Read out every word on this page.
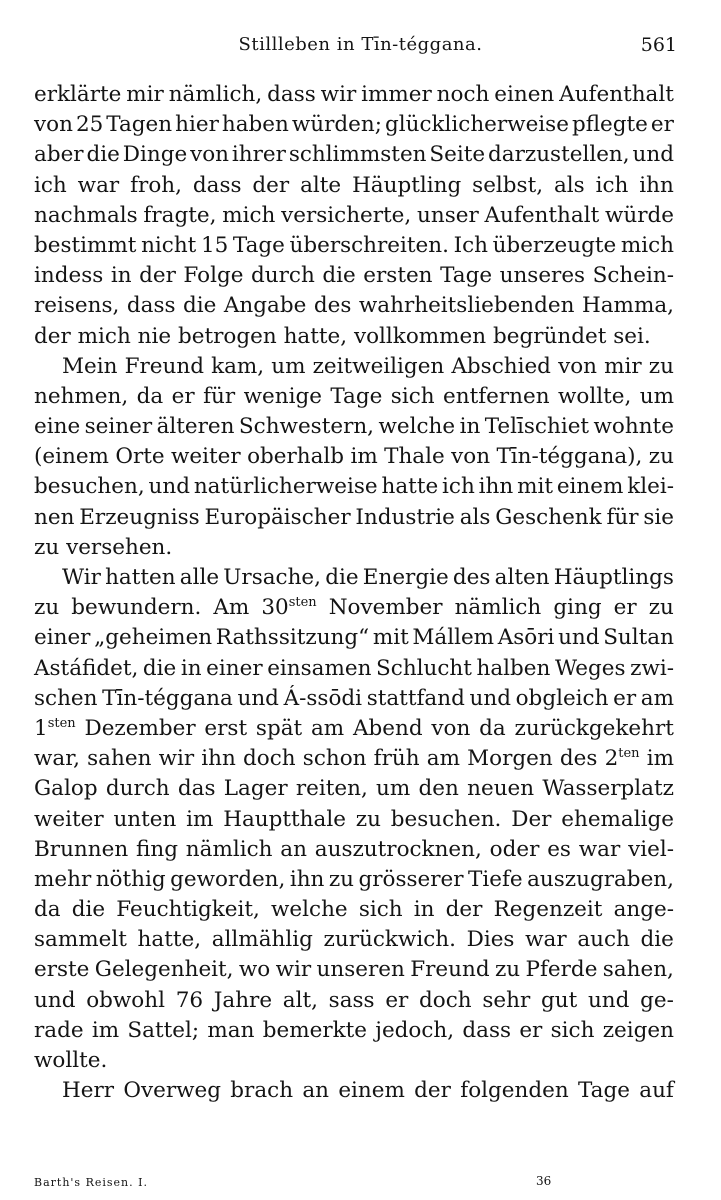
Stillleben in Tīn-téggana.	561
erklärte mir nämlich, dass wir immer noch einen Aufenthalt
von 25 Tagen hier haben würden; glücklicherweise pflegte er
aber die Dinge von ihrer schlimmsten Seite darzustellen, und
ich war froh, dass der alte Häuptling selbst, als ich ihn
nachmals fragte, mich versicherte, unser Aufenthalt würde
bestimmt nicht 15 Tage überschreiten. Ich überzeugte mich
indess in der Folge durch die ersten Tage unseres Schein-
reisens, dass die Angabe des wahrheitsliebenden Hamma,
der mich nie betrogen hatte, vollkommen begründet sei.
Mein Freund kam, um zeitweiligen Abschied von mir zu
nehmen, da er für wenige Tage sich entfernen wollte, um
eine seiner älteren Schwestern, welche in Telīschiet wohnte
(einem Orte weiter oberhalb im Thale von Tīn-téggana), zu
besuchen, und natürlicherweise hatte ich ihn mit einem klei-
nen Erzeugniss Europäischer Industrie als Geschenk für sie
zu versehen.
Wir hatten alle Ursache, die Energie des alten Häuptlings
zu bewundern. Am $30^{sten}$ November nämlich ging er zu
einer „geheimen Rathssitzung“ mit Mállem Asōri und Sultan
Astáfidet, die in einer einsamen Schlucht halben Weges zwi-
schen Tīn-téggana und Á-ssōdi stattfand und obgleich er am
$1^{sten}$ Dezember erst spät am Abend von da zurückgekehrt
war, sahen wir ihn doch schon früh am Morgen des $2^{ten}$ im
Galop durch das Lager reiten, um den neuen Wasserplatz
weiter unten im Hauptthale zu besuchen. Der ehemalige
Brunnen fing nämlich an auszutrocknen, oder es war viel-
mehr nöthig geworden, ihn zu grösserer Tiefe auszugraben,
da die Feuchtigkeit, welche sich in der Regenzeit ange-
sammelt hatte, allmählig zurückwich. Dies war auch die
erste Gelegenheit, wo wir unseren Freund zu Pferde sahen,
und obwohl 76 Jahre alt, sass er doch sehr gut und ge-
rade im Sattel; man bemerkte jedoch, dass er sich zeigen
wollte.
Herr Overweg brach an einem der folgenden Tage auf
Barth's Reisen. I.	36
